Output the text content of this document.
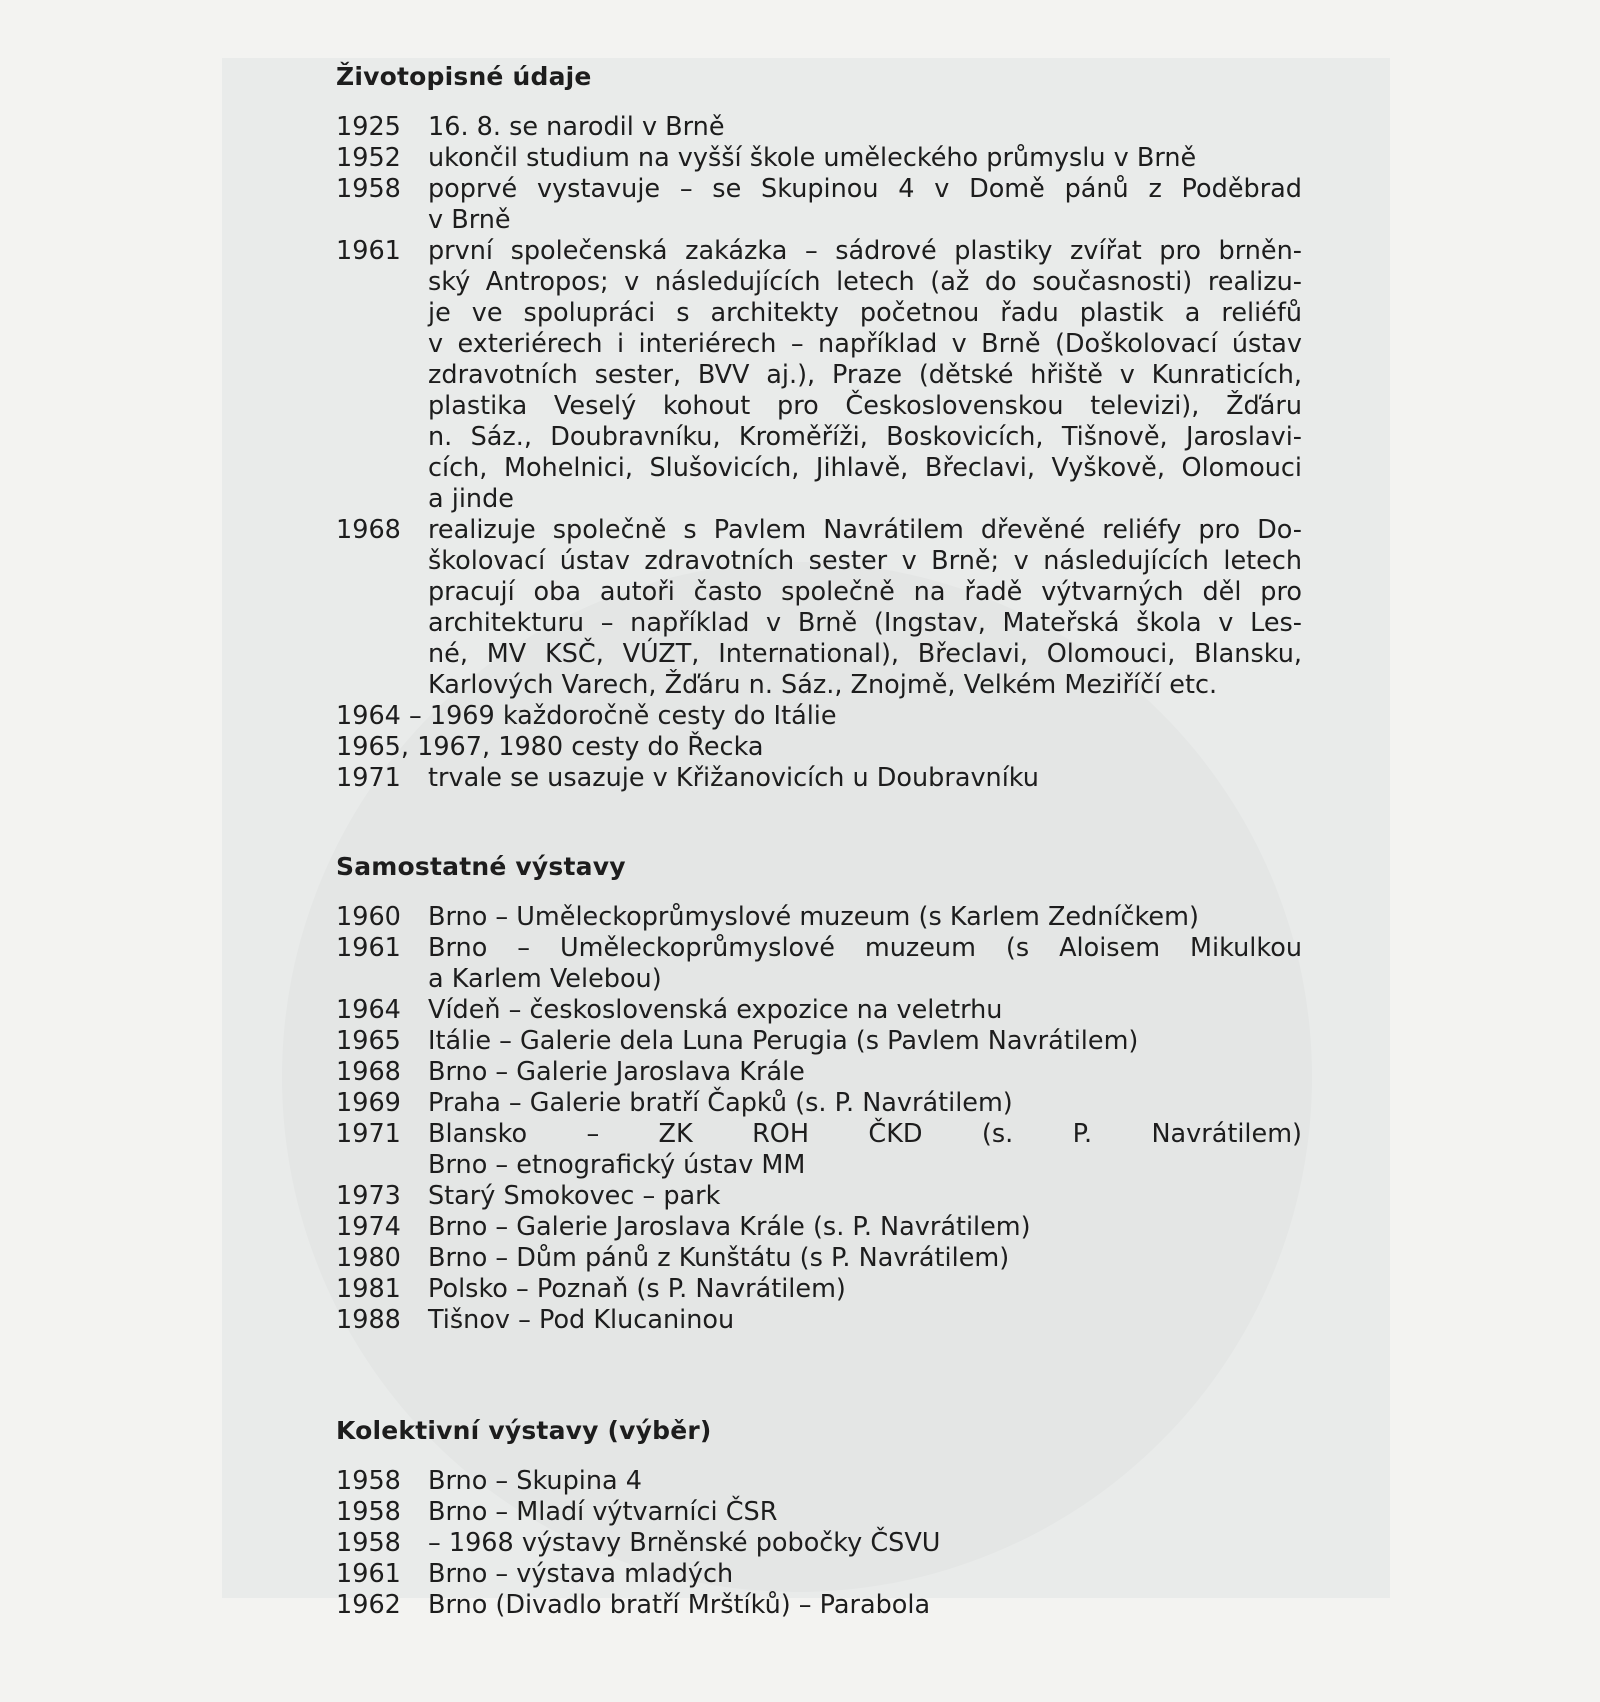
Životopisné údaje
1925	16. 8. se narodil v Brně
1952	ukončil studium na vyšší škole uměleckého průmyslu v Brně
1958	poprvé vystavuje – se Skupinou 4 v Domě pánů z Poděbrad
v Brně
1961	první společenská zakázka – sádrové plastiky zvířat pro brněn-
ský Antropos; v následujících letech (až do současnosti) realizu-
je ve spolupráci s architekty početnou řadu plastik a reliéfů
v exteriérech i interiérech – například v Brně (Doškolovací ústav
zdravotních sester, BVV aj.), Praze (dětské hřiště v Kunraticích,
plastika Veselý kohout pro Československou televizi), Žďáru
n. Sáz., Doubravníku, Kroměříži, Boskovicích, Tišnově, Jaroslavi-
cích, Mohelnici, Slušovicích, Jihlavě, Břeclavi, Vyškově, Olomouci
a jinde
1968	realizuje společně s Pavlem Navrátilem dřevěné reliéfy pro Do-
školovací ústav zdravotních sester v Brně; v následujících letech
pracují oba autoři často společně na řadě výtvarných děl pro
architekturu – například v Brně (Ingstav, Mateřská škola v Les-
né, MV KSČ, VÚZT, International), Břeclavi, Olomouci, Blansku,
Karlových Varech, Žďáru n. Sáz., Znojmě, Velkém Meziříčí etc.
1964 – 1969 každoročně cesty do Itálie
1965, 1967, 1980 cesty do Řecka
1971	trvale se usazuje v Křižanovicích u Doubravníku
Samostatné výstavy
1960	Brno – Uměleckoprůmyslové muzeum (s Karlem Zedníčkem)
1961	Brno – Uměleckoprůmyslové muzeum (s Aloisem Mikulkou
a Karlem Velebou)
1964	Vídeň – československá expozice na veletrhu
1965	Itálie – Galerie dela Luna Perugia (s Pavlem Navrátilem)
1968	Brno – Galerie Jaroslava Krále
1969	Praha – Galerie bratří Čapků (s. P. Navrátilem)
1971	Blansko – ZK ROH ČKD (s. P. Navrátilem)
Brno – etnografický ústav MM
1973	Starý Smokovec – park
1974	Brno – Galerie Jaroslava Krále (s. P. Navrátilem)
1980	Brno – Dům pánů z Kunštátu (s P. Navrátilem)
1981	Polsko – Poznaň (s P. Navrátilem)
1988	Tišnov – Pod Klucaninou
Kolektivní výstavy (výběr)
1958	Brno – Skupina 4
1958	Brno – Mladí výtvarníci ČSR
1958	– 1968 výstavy Brněnské pobočky ČSVU
1961	Brno – výstava mladých
1962	Brno (Divadlo bratří Mrštíků) – Parabola
